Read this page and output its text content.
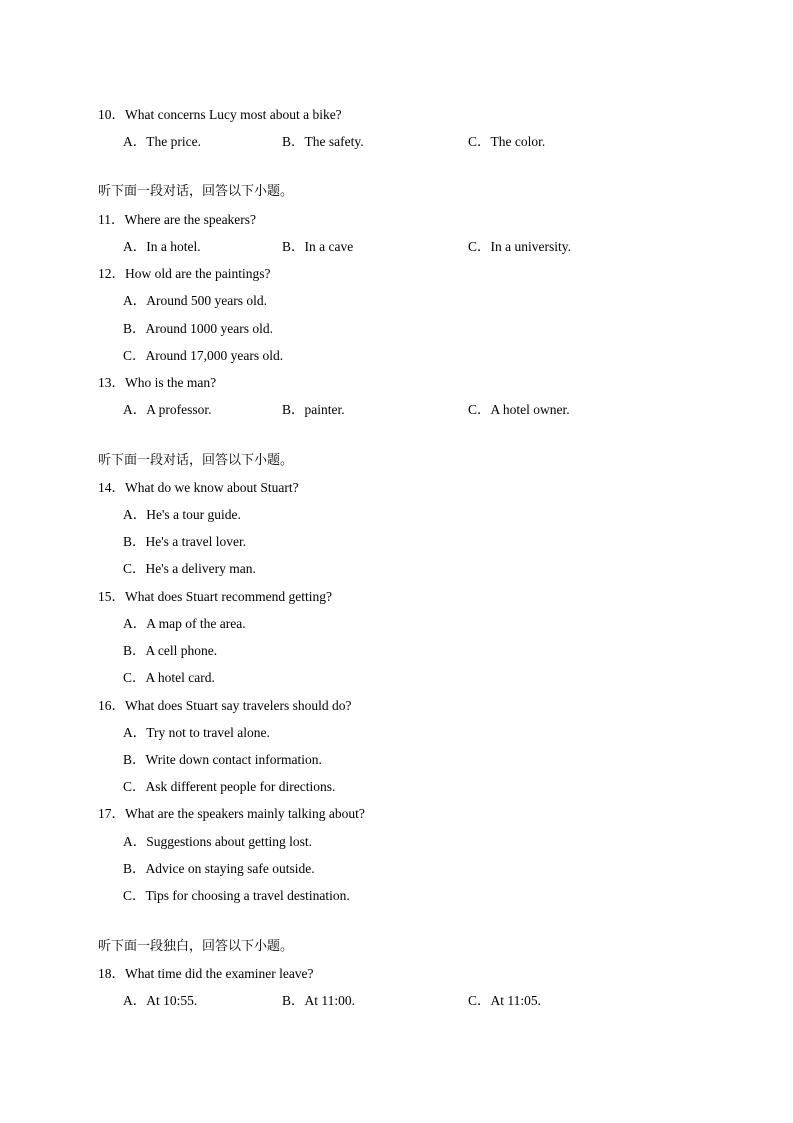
10．What concerns Lucy most about a bike?
A．The price.	B．The safety.	C．The color.
听下面一段对话，回答以下小题。
11．Where are the speakers?
A．In a hotel.	B．In a cave	C．In a university.
12．How old are the paintings?
A．Around 500 years old.
B．Around 1000 years old.
C．Around 17,000 years old.
13．Who is the man?
A．A professor.	B．painter.	C．A hotel owner.
听下面一段对话，回答以下小题。
14．What do we know about Stuart?
A．He's a tour guide.
B．He's a travel lover.
C．He's a delivery man.
15．What does Stuart recommend getting?
A．A map of the area.
B．A cell phone.
C．A hotel card.
16．What does Stuart say travelers should do?
A．Try not to travel alone.
B．Write down contact information.
C．Ask different people for directions.
17．What are the speakers mainly talking about?
A．Suggestions about getting lost.
B．Advice on staying safe outside.
C．Tips for choosing a travel destination.
听下面一段独白，回答以下小题。
18．What time did the examiner leave?
A．At 10:55.	B．At 11:00.	C．At 11:05.
